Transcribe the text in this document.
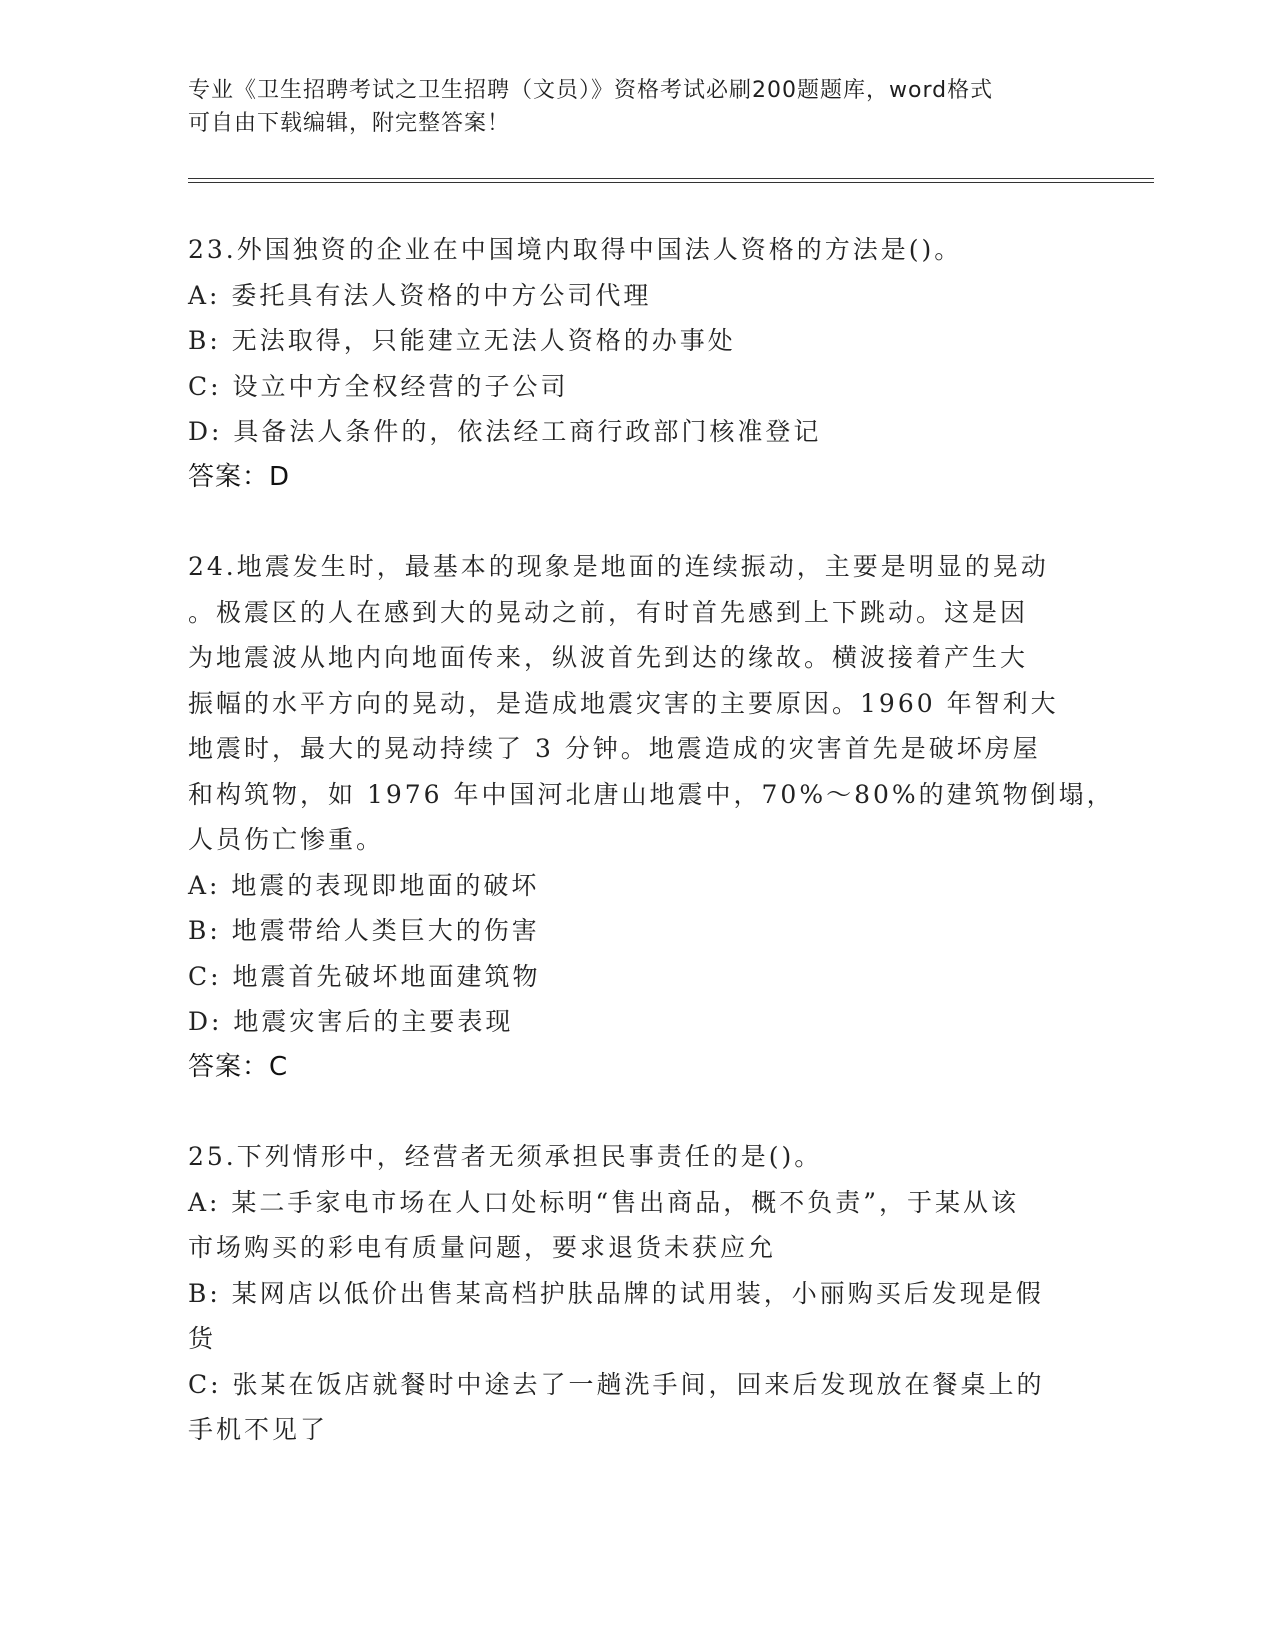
专业《卫生招聘考试之卫生招聘（文员）》资格考试必刷200题题库，word格式
可自由下载编辑，附完整答案！

23.外国独资的企业在中国境内取得中国法人资格的方法是()。

A: 委托具有法人资格的中方公司代理

B: 无法取得，只能建立无法人资格的办事处

C: 设立中方全权经营的子公司

D: 具备法人条件的，依法经工商行政部门核准登记

答案：D

24.地震发生时，最基本的现象是地面的连续振动，主要是明显的晃动

。极震区的人在感到大的晃动之前，有时首先感到上下跳动。这是因

为地震波从地内向地面传来，纵波首先到达的缘故。横波接着产生大

振幅的水平方向的晃动，是造成地震灾害的主要原因。1960 年智利大

地震时，最大的晃动持续了 3 分钟。地震造成的灾害首先是破坏房屋

和构筑物，如 1976 年中国河北唐山地震中，70%～80%的建筑物倒塌，

人员伤亡惨重。

A: 地震的表现即地面的破坏

B: 地震带给人类巨大的伤害

C: 地震首先破坏地面建筑物

D: 地震灾害后的主要表现

答案：C

25.下列情形中，经营者无须承担民事责任的是()。

A: 某二手家电市场在人口处标明“售出商品，概不负责”，于某从该

市场购买的彩电有质量问题，要求退货未获应允

B: 某网店以低价出售某高档护肤品牌的试用装，小丽购买后发现是假

货

C: 张某在饭店就餐时中途去了一趟洗手间，回来后发现放在餐桌上的

手机不见了
